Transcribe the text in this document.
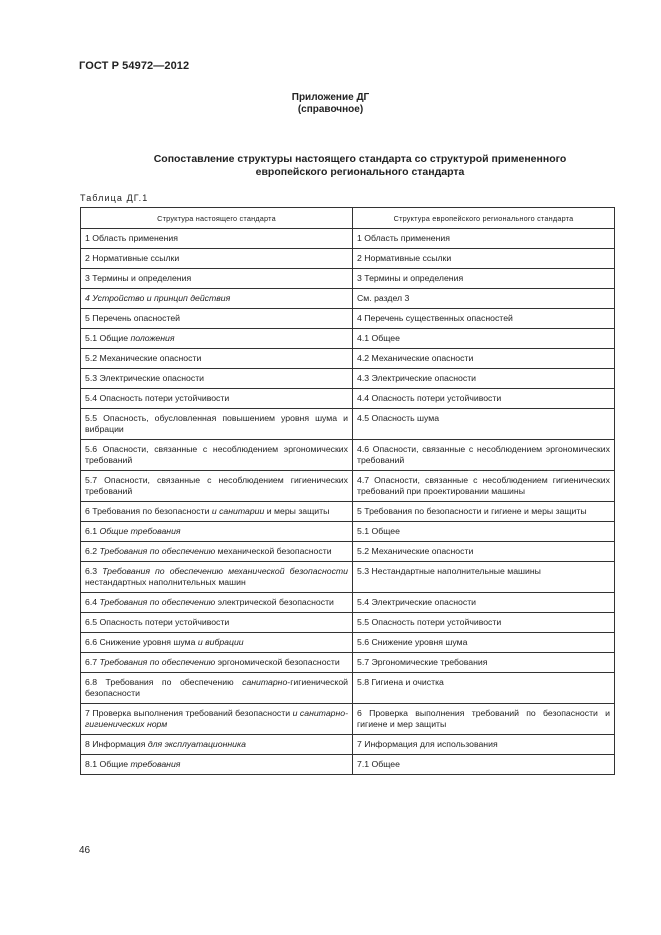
ГОСТ Р 54972—2012
Приложение ДГ
(справочное)
Сопоставление структуры настоящего стандарта со структурой примененного
европейского регионального стандарта
Таблица ДГ.1
Структура настоящего стандарта	Структура европейского регионального стандарта
1 Область применения	1 Область применения
2 Нормативные ссылки	2 Нормативные ссылки
3 Термины и определения	3 Термины и определения
4 Устройство и принцип действия	См. раздел 3
5 Перечень опасностей	4 Перечень существенных опасностей
5.1 Общие положения	4.1 Общее
5.2 Механические опасности	4.2 Механические опасности
5.3 Электрические опасности	4.3 Электрические опасности
5.4 Опасность потери устойчивости	4.4 Опасность потери устойчивости
5.5 Опасность, обусловленная повышением уровня шума и вибрации	4.5 Опасность шума
5.6 Опасности, связанные с несоблюдением эргономических требований	4.6 Опасности, связанные с несоблюдением эргономических требований
5.7 Опасности, связанные с несоблюдением гигиенических требований	4.7 Опасности, связанные с несоблюдением гигиенических требований при проектировании машины
6 Требования по безопасности и санитарии и меры защиты	5 Требования по безопасности и гигиене и меры защиты
6.1 Общие требования	5.1 Общее
6.2 Требования по обеспечению механической безопасности	5.2 Механические опасности
6.3 Требования по обеспечению механической безопасности нестандартных наполнительных машин	5.3 Нестандартные наполнительные машины
6.4 Требования по обеспечению электрической безопасности	5.4 Электрические опасности
6.5 Опасность потери устойчивости	5.5 Опасность потери устойчивости
6.6 Снижение уровня шума и вибрации	5.6 Снижение уровня шума
6.7 Требования по обеспечению эргономической безопасности	5.7 Эргономические требования
6.8 Требования по обеспечению санитарно-гигиенической безопасности	5.8 Гигиена и очистка
7 Проверка выполнения требований безопасности и санитарно-гигиенических норм	6 Проверка выполнения требований по безопасности и гигиене и мер защиты
8 Информация для эксплуатационника	7 Информация для использования
8.1 Общие требования	7.1 Общее
46
